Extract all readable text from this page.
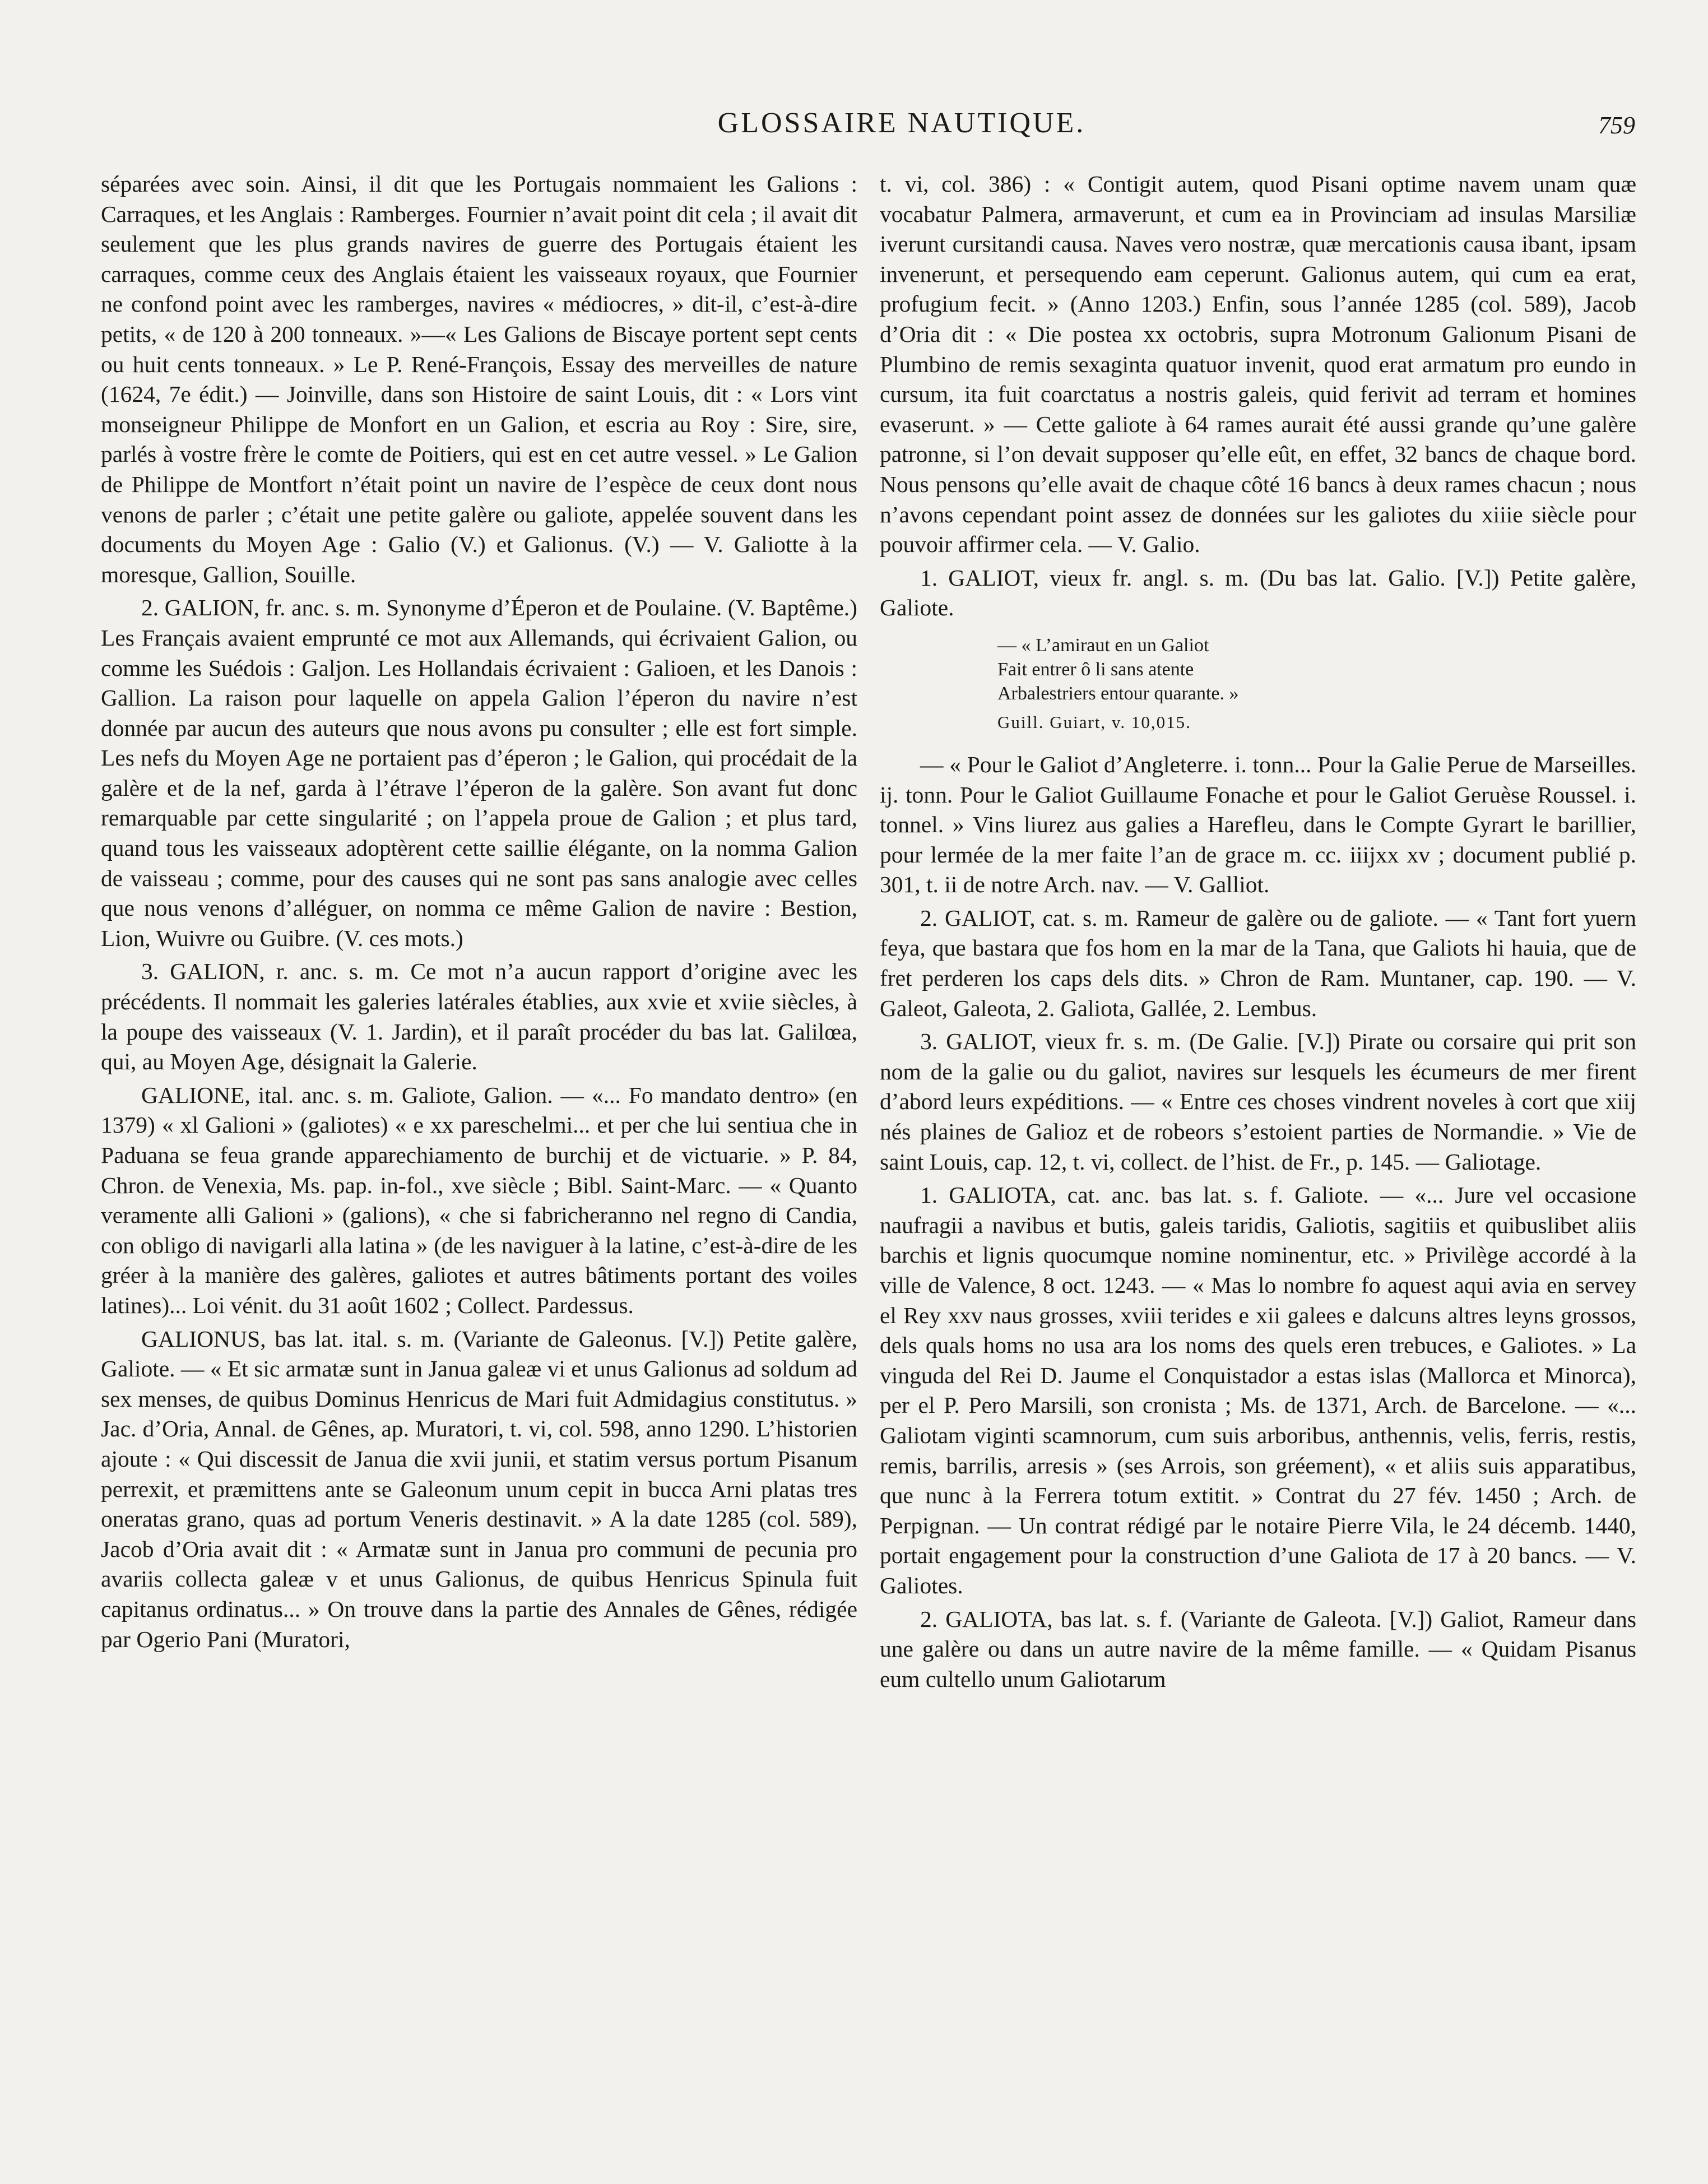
GLOSSAIRE NAUTIQUE.	759

séparées avec soin. Ainsi, il dit que les Portugais nommaient les Galions : Carraques, et les Anglais : Ramberges. Fournier n’avait point dit cela ; il avait dit seulement que les plus grands navires de guerre des Portugais étaient les carraques, comme ceux des Anglais étaient les vaisseaux royaux, que Fournier ne confond point avec les ramberges, navires « médiocres, » dit-il, c’est-à-dire petits, « de 120 à 200 tonneaux. »—« Les Galions de Biscaye portent sept cents ou huit cents tonneaux. » Le P. René-François, Essay des merveilles de nature (1624, 7e édit.) — Joinville, dans son Histoire de saint Louis, dit : « Lors vint monseigneur Philippe de Monfort en un Galion, et escria au Roy : Sire, sire, parlés à vostre frère le comte de Poitiers, qui est en cet autre vessel. » Le Galion de Philippe de Montfort n’était point un navire de l’espèce de ceux dont nous venons de parler ; c’était une petite galère ou galiote, appelée souvent dans les documents du Moyen Age : Galio (V.) et Galionus. (V.) — V. Galiotte à la moresque, Gallion, Souille.

2. GALION, fr. anc. s. m. Synonyme d’Éperon et de Poulaine. (V. Baptême.) Les Français avaient emprunté ce mot aux Allemands, qui écrivaient Galion, ou comme les Suédois : Galjon. Les Hollandais écrivaient : Galioen, et les Danois : Gallion. La raison pour laquelle on appela Galion l’éperon du navire n’est donnée par aucun des auteurs que nous avons pu consulter ; elle est fort simple. Les nefs du Moyen Age ne portaient pas d’éperon ; le Galion, qui procédait de la galère et de la nef, garda à l’étrave l’éperon de la galère. Son avant fut donc remarquable par cette singularité ; on l’appela proue de Galion ; et plus tard, quand tous les vaisseaux adoptèrent cette saillie élégante, on la nomma Galion de vaisseau ; comme, pour des causes qui ne sont pas sans analogie avec celles que nous venons d’alléguer, on nomma ce même Galion de navire : Bestion, Lion, Wuivre ou Guibre. (V. ces mots.)

3. GALION, r. anc. s. m. Ce mot n’a aucun rapport d’origine avec les précédents. Il nommait les galeries latérales établies, aux xvie et xviie siècles, à la poupe des vaisseaux (V. 1. Jardin), et il paraît procéder du bas lat. Galilœa, qui, au Moyen Age, désignait la Galerie.

GALIONE, ital. anc. s. m. Galiote, Galion. — «... Fo mandato dentro» (en 1379) « xl Galioni » (galiotes) « e xx pareschelmi... et per che lui sentiua che in Paduana se feua grande apparechiamento de burchij et de victuarie. » P. 84, Chron. de Venexia, Ms. pap. in-fol., xve siècle ; Bibl. Saint-Marc. — « Quanto veramente alli Galioni » (galions), « che si fabricheranno nel regno di Candia, con obligo di navigarli alla latina » (de les naviguer à la latine, c’est-à-dire de les gréer à la manière des galères, galiotes et autres bâtiments portant des voiles latines)... Loi vénit. du 31 août 1602 ; Collect. Pardessus.

GALIONUS, bas lat. ital. s. m. (Variante de Galeonus. [V.]) Petite galère, Galiote. — « Et sic armatæ sunt in Janua galeæ vi et unus Galionus ad soldum ad sex menses, de quibus Dominus Henricus de Mari fuit Admidagius constitutus. » Jac. d’Oria, Annal. de Gênes, ap. Muratori, t. vi, col. 598, anno 1290. L’historien ajoute : « Qui discessit de Janua die xvii junii, et statim versus portum Pisanum perrexit, et præmittens ante se Galeonum unum cepit in bucca Arni platas tres oneratas grano, quas ad portum Veneris destinavit. » A la date 1285 (col. 589), Jacob d’Oria avait dit : « Armatæ sunt in Janua pro communi de pecunia pro avariis collecta galeæ v et unus Galionus, de quibus Henricus Spinula fuit capitanus ordinatus... » On trouve dans la partie des Annales de Gênes, rédigée par Ogerio Pani (Muratori,

t. vi, col. 386) : « Contigit autem, quod Pisani optime navem unam quæ vocabatur Palmera, armaverunt, et cum ea in Provinciam ad insulas Marsiliæ iverunt cursitandi causa. Naves vero nostræ, quæ mercationis causa ibant, ipsam invenerunt, et persequendo eam ceperunt. Galionus autem, qui cum ea erat, profugium fecit. » (Anno 1203.) Enfin, sous l’année 1285 (col. 589), Jacob d’Oria dit : « Die postea xx octobris, supra Motronum Galionum Pisani de Plumbino de remis sexaginta quatuor invenit, quod erat armatum pro eundo in cursum, ita fuit coarctatus a nostris galeis, quid ferivit ad terram et homines evaserunt. » — Cette galiote à 64 rames aurait été aussi grande qu’une galère patronne, si l’on devait supposer qu’elle eût, en effet, 32 bancs de chaque bord. Nous pensons qu’elle avait de chaque côté 16 bancs à deux rames chacun ; nous n’avons cependant point assez de données sur les galiotes du xiiie siècle pour pouvoir affirmer cela. — V. Galio.

1. GALIOT, vieux fr. angl. s. m. (Du bas lat. Galio. [V.]) Petite galère, Galiote.

— « L’amiraut en un Galiot
Fait entrer ô li sans atente
Arbalestriers entour quarante. »
Guill. Guiart, v. 10,015.

— « Pour le Galiot d’Angleterre. i. tonn... Pour la Galie Perue de Marseilles. ij. tonn. Pour le Galiot Guillaume Fonache et pour le Galiot Geruèse Roussel. i. tonnel. » Vins liurez aus galies a Harefleu, dans le Compte Gyrart le barillier, pour lermée de la mer faite l’an de grace m. cc. iiijxx xv ; document publié p. 301, t. ii de notre Arch. nav. — V. Galliot.

2. GALIOT, cat. s. m. Rameur de galère ou de galiote. — « Tant fort yuern feya, que bastara que fos hom en la mar de la Tana, que Galiots hi hauia, que de fret perderen los caps dels dits. » Chron de Ram. Muntaner, cap. 190. — V. Galeot, Galeota, 2. Galiota, Gallée, 2. Lembus.

3. GALIOT, vieux fr. s. m. (De Galie. [V.]) Pirate ou corsaire qui prit son nom de la galie ou du galiot, navires sur lesquels les écumeurs de mer firent d’abord leurs expéditions. — « Entre ces choses vindrent noveles à cort que xiij nés plaines de Galioz et de robeors s’estoient parties de Normandie. » Vie de saint Louis, cap. 12, t. vi, collect. de l’hist. de Fr., p. 145. — Galiotage.

1. GALIOTA, cat. anc. bas lat. s. f. Galiote. — «... Jure vel occasione naufragii a navibus et butis, galeis taridis, Galiotis, sagitiis et quibuslibet aliis barchis et lignis quocumque nomine nominentur, etc. » Privilège accordé à la ville de Valence, 8 oct. 1243. — « Mas lo nombre fo aquest aqui avia en servey el Rey xxv naus grosses, xviii terides e xii galees e dalcuns altres leyns grossos, dels quals homs no usa ara los noms des quels eren trebuces, e Galiotes. » La vinguda del Rei D. Jaume el Conquistador a estas islas (Mallorca et Minorca), per el P. Pero Marsili, son cronista ; Ms. de 1371, Arch. de Barcelone. — «... Galiotam viginti scamnorum, cum suis arboribus, anthennis, velis, ferris, restis, remis, barrilis, arresis » (ses Arrois, son gréement), « et aliis suis apparatibus, que nunc à la Ferrera totum extitit. » Contrat du 27 fév. 1450 ; Arch. de Perpignan. — Un contrat rédigé par le notaire Pierre Vila, le 24 décemb. 1440, portait engagement pour la construction d’une Galiota de 17 à 20 bancs. — V. Galiotes.

2. GALIOTA, bas lat. s. f. (Variante de Galeota. [V.]) Galiot, Rameur dans une galère ou dans un autre navire de la même famille. — « Quidam Pisanus eum cultello unum Galiotarum
